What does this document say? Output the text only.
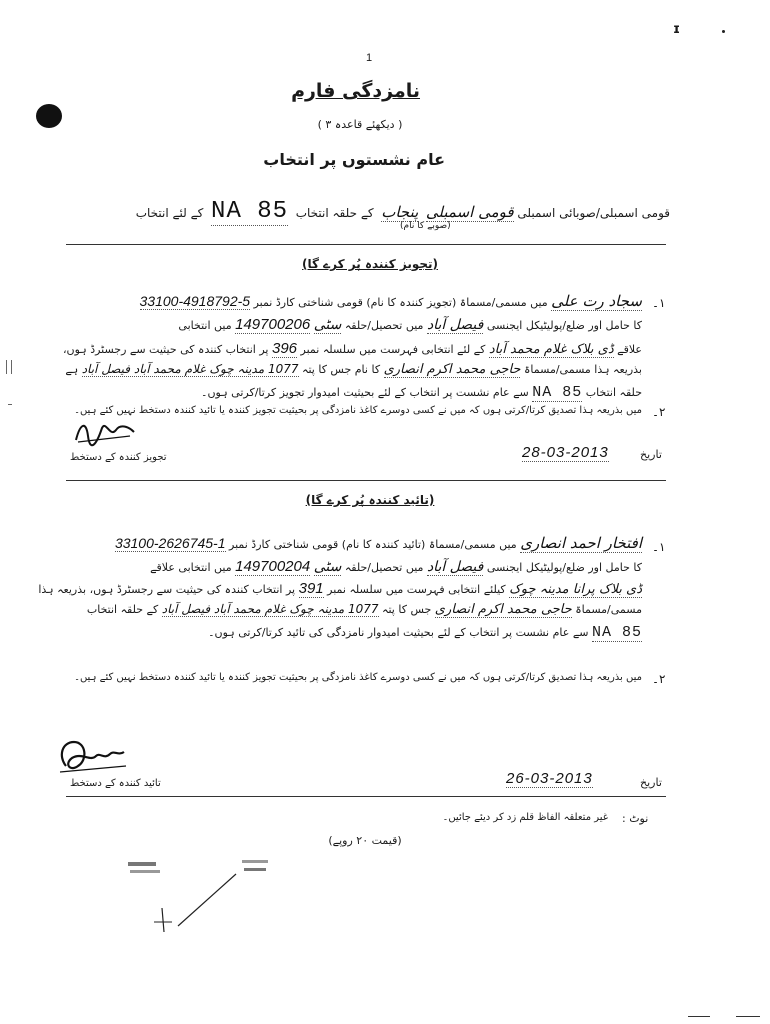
ɪ
1
نامزدگی فارم
( دیکھئے قاعدہ ۳ )
عام نشستوں پر انتخاب
قومی اسمبلی/صوبائی اسمبلی قومی اسمبلی  پنجاب  کے حلقہ انتخاب  NA 85  کے لئے انتخاب
(صوبے کا نام)
(تجویز کنندہ پُر کرے گا)
۱۔
سجاد رت علی میں مسمی/مسماۃ (تجویز کنندہ کا نام) قومی شناختی کارڈ نمبر 33100-4918792-5
کا حامل اور ضلع/پولیٹیکل ایجنسی فیصل آباد میں تحصیل/حلقہ سٹی 149700206 میں انتخابی
علاقے ڈی بلاک غلام محمد آباد کے لئے انتخابی فہرست میں سلسلہ نمبر 396 پر انتخاب کنندہ کی حیثیت سے رجسٹرڈ ہوں،
بذریعہ ہذا مسمی/مسماۃ حاجی محمد اکرم انصاری کا نام جس کا پتہ 1077 مدینہ چوک غلام محمد آباد فیصل آباد ہے
حلقہ انتخاب NA 85 سے عام نشست پر انتخاب کے لئے بحیثیت امیدوار تجویز کرتا/کرتی ہوں۔
۲۔
میں بذریعہ ہذا تصدیق کرتا/کرتی ہوں کہ میں نے کسی دوسرے کاغذ نامزدگی پر بحیثیت تجویز کنندہ یا تائید کنندہ دستخط نہیں کئے ہیں۔
تجویز کنندہ کے دستخط	تاریخ
28-03-2013
(تائید کنندہ پُر کرے گا)
۱۔
افتخار احمد انصاری میں مسمی/مسماۃ (تائید کنندہ کا نام) قومی شناختی کارڈ نمبر 33100-2626745-1
کا حامل اور ضلع/پولیٹیکل ایجنسی فیصل آباد میں تحصیل/حلقہ سٹی 149700204 میں انتخابی علاقے
ڈی بلاک پرانا مدینہ چوک کیلئے انتخابی فہرست میں سلسلہ نمبر 391 پر انتخاب کنندہ کی حیثیت سے رجسٹرڈ ہوں، بذریعہ ہذا
مسمی/مسماۃ حاجی محمد اکرم انصاری جس کا پتہ 1077 مدینہ چوک غلام محمد آباد فیصل آباد کے حلقہ انتخاب
NA 85 سے عام نشست پر انتخاب کے لئے بحیثیت امیدوار نامزدگی کی تائید کرتا/کرتی ہوں۔
۲۔
میں بذریعہ ہذا تصدیق کرتا/کرتی ہوں کہ میں نے کسی دوسرے کاغذ نامزدگی پر بحیثیت تجویز کنندہ یا تائید کنندہ دستخط نہیں کئے ہیں۔
تائید کنندہ کے دستخط	تاریخ
26-03-2013
نوٹ :
غیر متعلقہ الفاظ قلم زد کر دیئے جائیں۔
(قیمت ۲۰ روپے)
